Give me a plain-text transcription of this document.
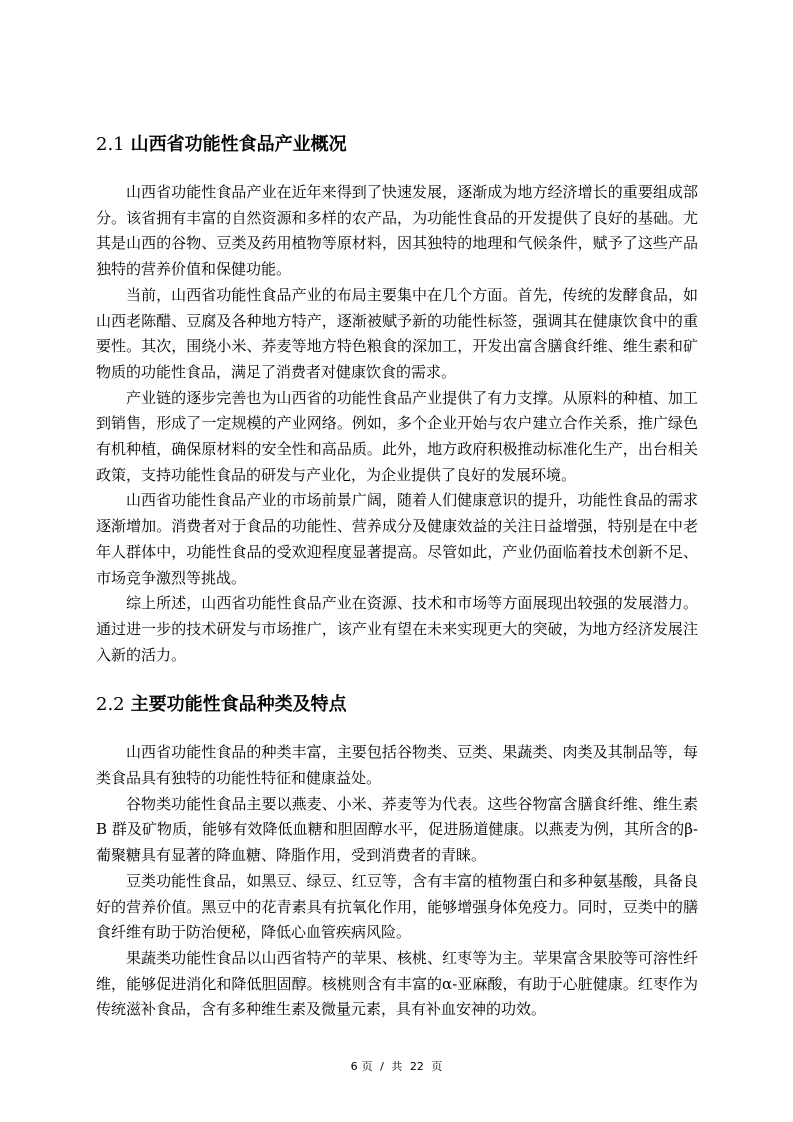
2.1 山西省功能性食品产业概况

山西省功能性食品产业在近年来得到了快速发展，逐渐成为地方经济增长的重要组成部分。该省拥有丰富的自然资源和多样的农产品，为功能性食品的开发提供了良好的基础。尤其是山西的谷物、豆类及药用植物等原材料，因其独特的地理和气候条件，赋予了这些产品独特的营养价值和保健功能。

当前，山西省功能性食品产业的布局主要集中在几个方面。首先，传统的发酵食品，如山西老陈醋、豆腐及各种地方特产，逐渐被赋予新的功能性标签，强调其在健康饮食中的重要性。其次，围绕小米、荞麦等地方特色粮食的深加工，开发出富含膳食纤维、维生素和矿物质的功能性食品，满足了消费者对健康饮食的需求。

产业链的逐步完善也为山西省的功能性食品产业提供了有力支撑。从原料的种植、加工到销售，形成了一定规模的产业网络。例如，多个企业开始与农户建立合作关系，推广绿色有机种植，确保原材料的安全性和高品质。此外，地方政府积极推动标准化生产，出台相关政策，支持功能性食品的研发与产业化，为企业提供了良好的发展环境。

山西省功能性食品产业的市场前景广阔，随着人们健康意识的提升，功能性食品的需求逐渐增加。消费者对于食品的功能性、营养成分及健康效益的关注日益增强，特别是在中老年人群体中，功能性食品的受欢迎程度显著提高。尽管如此，产业仍面临着技术创新不足、市场竞争激烈等挑战。

综上所述，山西省功能性食品产业在资源、技术和市场等方面展现出较强的发展潜力。通过进一步的技术研发与市场推广，该产业有望在未来实现更大的突破，为地方经济发展注入新的活力。

2.2 主要功能性食品种类及特点

山西省功能性食品的种类丰富，主要包括谷物类、豆类、果蔬类、肉类及其制品等，每类食品具有独特的功能性特征和健康益处。

谷物类功能性食品主要以燕麦、小米、荞麦等为代表。这些谷物富含膳食纤维、维生素 B 群及矿物质，能够有效降低血糖和胆固醇水平，促进肠道健康。以燕麦为例，其所含的β-葡聚糖具有显著的降血糖、降脂作用，受到消费者的青睐。

豆类功能性食品，如黑豆、绿豆、红豆等，含有丰富的植物蛋白和多种氨基酸，具备良好的营养价值。黑豆中的花青素具有抗氧化作用，能够增强身体免疫力。同时，豆类中的膳食纤维有助于防治便秘，降低心血管疾病风险。

果蔬类功能性食品以山西省特产的苹果、核桃、红枣等为主。苹果富含果胶等可溶性纤维，能够促进消化和降低胆固醇。核桃则含有丰富的α-亚麻酸，有助于心脏健康。红枣作为传统滋补食品，含有多种维生素及微量元素，具有补血安神的功效。

6 页 / 共 22 页
